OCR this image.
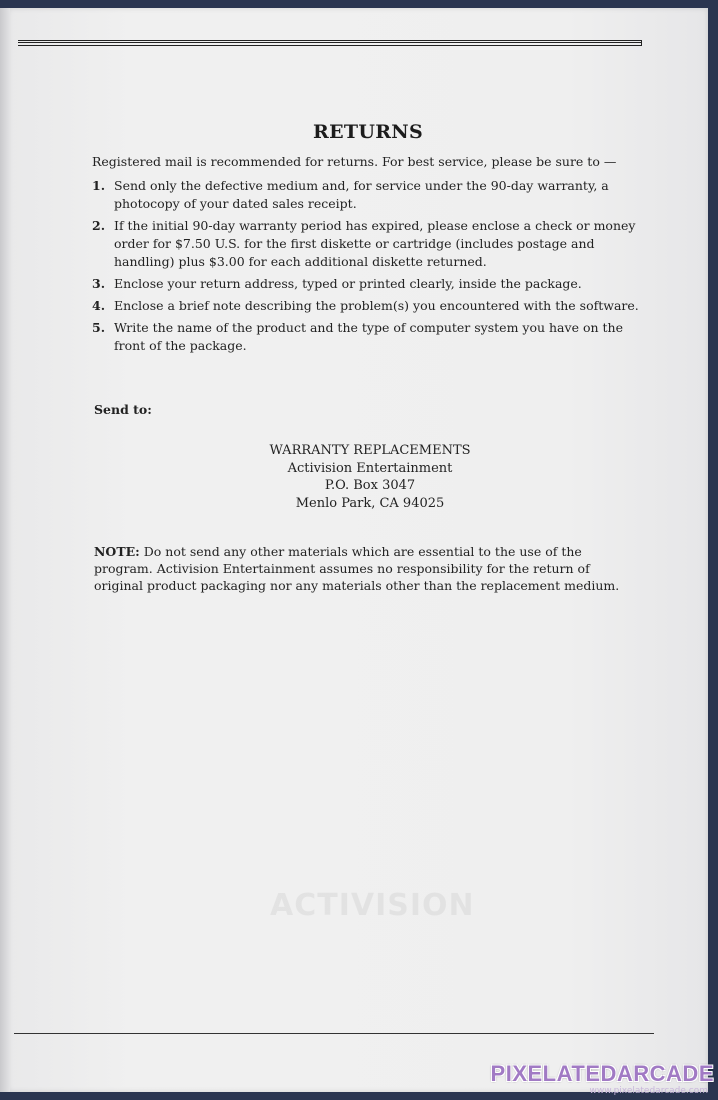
RETURNS
Registered mail is recommended for returns. For best service, please be sure to —
1. Send only the defective medium and, for service under the 90-day warranty, a photocopy of your dated sales receipt.
2. If the initial 90-day warranty period has expired, please enclose a check or money order for $7.50 U.S. for the first diskette or cartridge (includes postage and handling) plus $3.00 for each additional diskette returned.
3. Enclose your return address, typed or printed clearly, inside the package.
4. Enclose a brief note describing the problem(s) you encountered with the software.
5. Write the name of the product and the type of computer system you have on the front of the package.
Send to:
WARRANTY REPLACEMENTS
Activision Entertainment
P.O. Box 3047
Menlo Park, CA 94025
NOTE: Do not send any other materials which are essential to the use of the program. Activision Entertainment assumes no responsibility for the return of original product packaging nor any materials other than the replacement medium.
ACTIVISION
PIXELATEDARCADE
www.pixelatedarcade.com
